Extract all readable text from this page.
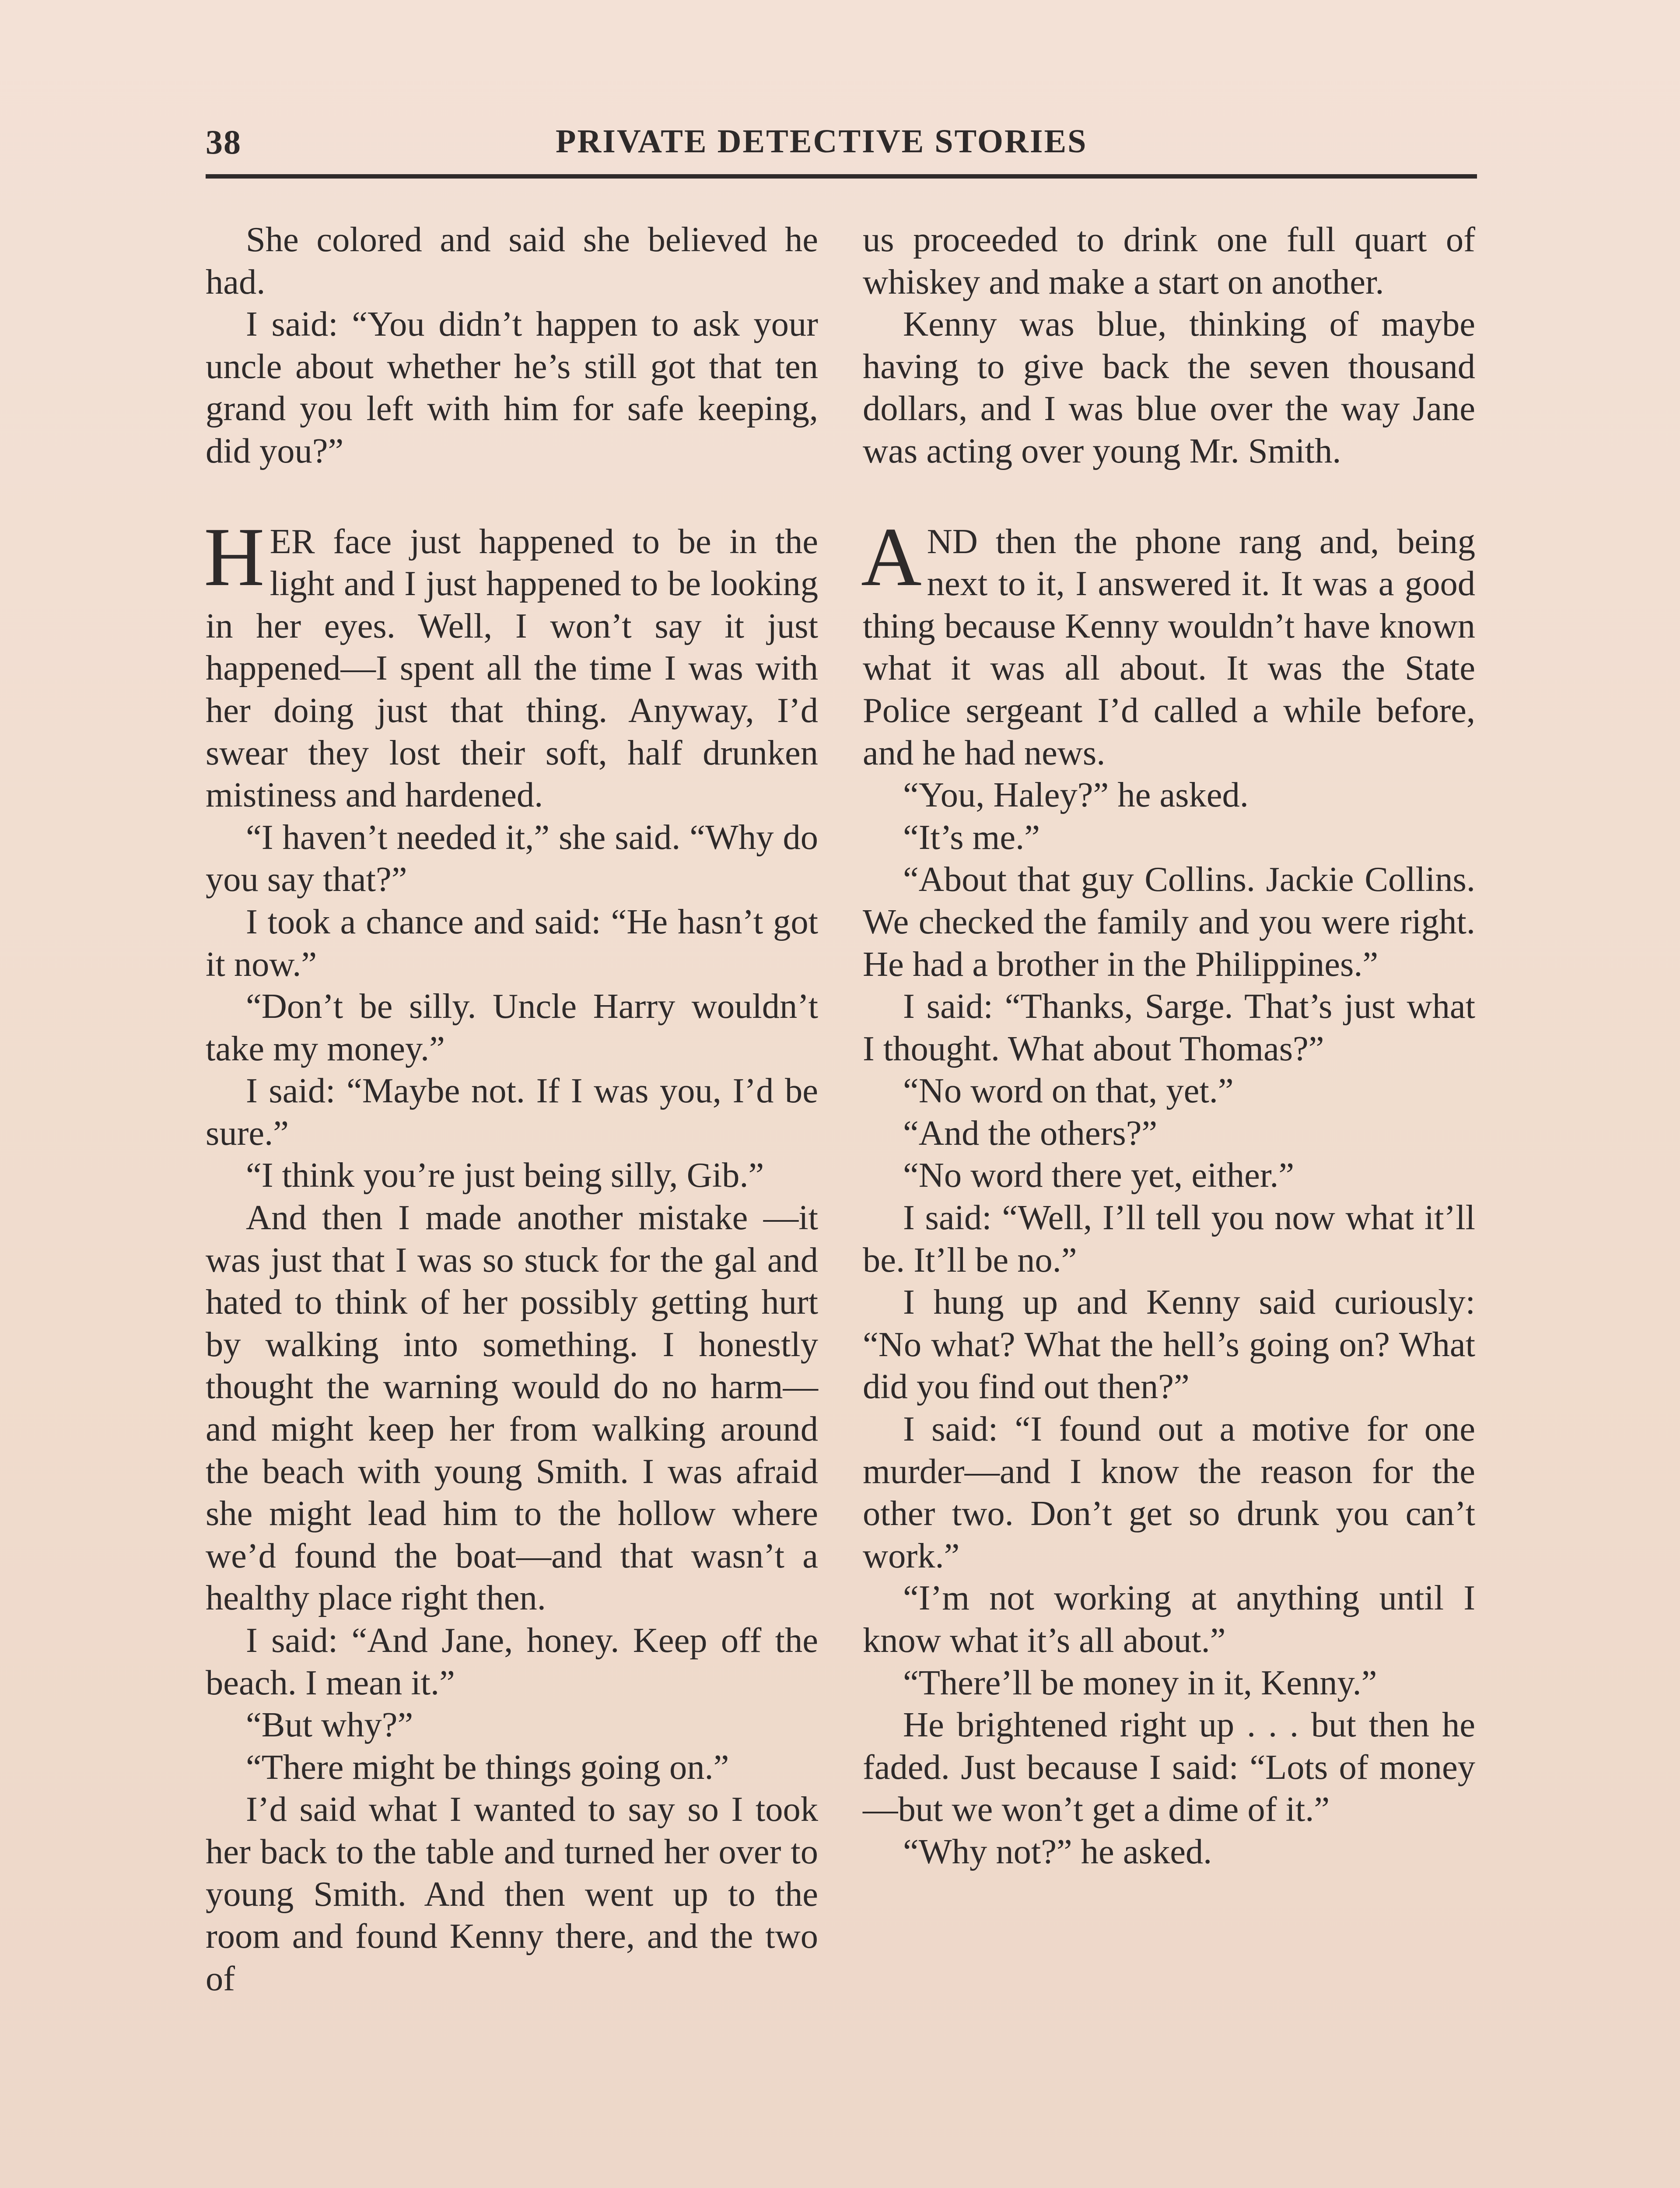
38	PRIVATE DETECTIVE STORIES

She colored and said she believed he had.

I said: “You didn’t happen to ask your uncle about whether he’s still got that ten grand you left with him for safe keeping, did you?”

HER face just happened to be in the light and I just happened to be looking in her eyes. Well, I won’t say it just happened—I spent all the time I was with her doing just that thing. Anyway, I’d swear they lost their soft, half drunken mistiness and hardened.

“I haven’t needed it,” she said. “Why do you say that?”

I took a chance and said: “He hasn’t got it now.”

“Don’t be silly. Uncle Harry wouldn’t take my money.”

I said: “Maybe not. If I was you, I’d be sure.”

“I think you’re just being silly, Gib.”

And then I made another mistake —it was just that I was so stuck for the gal and hated to think of her possibly getting hurt by walking into something. I honestly thought the warning would do no harm—and might keep her from walking around the beach with young Smith. I was afraid she might lead him to the hollow where we’d found the boat—and that wasn’t a healthy place right then.

I said: “And Jane, honey. Keep off the beach. I mean it.”

“But why?”

“There might be things going on.”

I’d said what I wanted to say so I took her back to the table and turned her over to young Smith. And then went up to the room and found Kenny there, and the two of

us proceeded to drink one full quart of whiskey and make a start on another.

Kenny was blue, thinking of maybe having to give back the seven thousand dollars, and I was blue over the way Jane was acting over young Mr. Smith.

AND then the phone rang and, being next to it, I answered it. It was a good thing because Kenny wouldn’t have known what it was all about. It was the State Police sergeant I’d called a while before, and he had news.

“You, Haley?” he asked.

“It’s me.”

“About that guy Collins. Jackie Collins. We checked the family and you were right. He had a brother in the Philippines.”

I said: “Thanks, Sarge. That’s just what I thought. What about Thomas?”

“No word on that, yet.”

“And the others?”

“No word there yet, either.”

I said: “Well, I’ll tell you now what it’ll be. It’ll be no.”

I hung up and Kenny said curiously: “No what? What the hell’s going on? What did you find out then?”

I said: “I found out a motive for one murder—and I know the reason for the other two. Don’t get so drunk you can’t work.”

“I’m not working at anything until I know what it’s all about.”

“There’ll be money in it, Kenny.”

He brightened right up . . . but then he faded. Just because I said: “Lots of money—but we won’t get a dime of it.”

“Why not?” he asked.
